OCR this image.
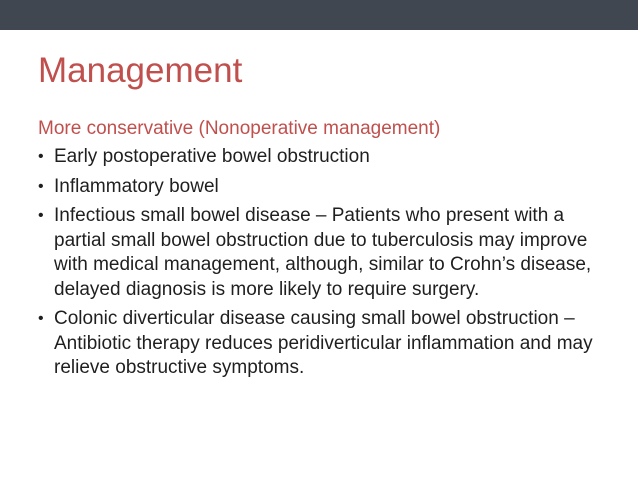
Management
More conservative (Nonoperative management)
• Early postoperative bowel obstruction
• Inflammatory bowel
• Infectious small bowel disease – Patients who present with a partial small bowel obstruction due to tuberculosis may improve with medical management, although, similar to Crohn’s disease, delayed diagnosis is more likely to require surgery.
• Colonic diverticular disease causing small bowel obstruction – Antibiotic therapy reduces peridiverticular inflammation and may relieve obstructive symptoms.
